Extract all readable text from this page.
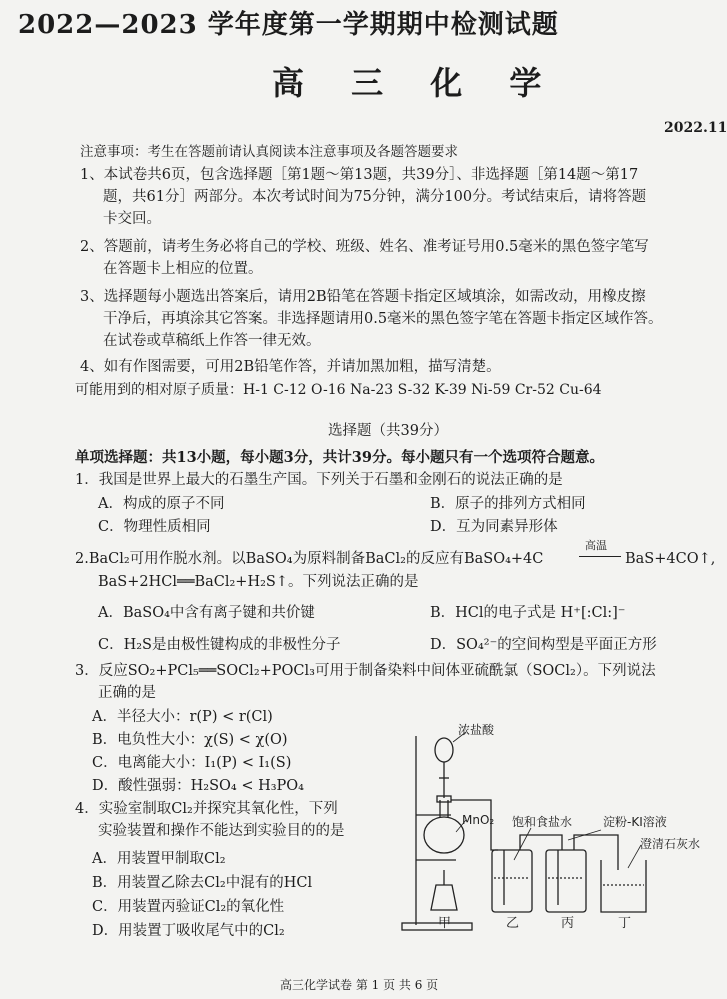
2022—2023 学年度第一学期期中检测试题
高 三 化 学
2022.11
注意事项：考生在答题前请认真阅读本注意事项及各题答题要求
1、本试卷共6页，包含选择题［第1题～第13题，共39分］、非选择题［第14题～第17
题，共61分］两部分。本次考试时间为75分钟，满分100分。考试结束后，请将答题
卡交回。
2、答题前，请考生务必将自己的学校、班级、姓名、准考证号用0.5毫米的黑色签字笔写
在答题卡上相应的位置。
3、选择题每小题选出答案后，请用2B铅笔在答题卡指定区域填涂，如需改动，用橡皮擦
干净后，再填涂其它答案。非选择题请用0.5毫米的黑色签字笔在答题卡指定区域作答。
在试卷或草稿纸上作答一律无效。
4、如有作图需要，可用2B铅笔作答，并请加黑加粗，描写清楚。
可能用到的相对原子质量：H-1 C-12 O-16 Na-23 S-32 K-39 Ni-59 Cr-52 Cu-64
选择题（共39分）
单项选择题：共13小题，每小题3分，共计39分。每小题只有一个选项符合题意。
1．我国是世界上最大的石墨生产国。下列关于石墨和金刚石的说法正确的是
A．构成的原子不同	B．原子的排列方式相同
C．物理性质相同	D．互为同素异形体
2.BaCl₂可用作脱水剂。以BaSO₄为原料制备BaCl₂的反应有BaSO₄+4C
高温
BaS+4CO↑,
BaS+2HCl══BaCl₂+H₂S↑。下列说法正确的是
A．BaSO₄中含有离子键和共价键	B．HCl的电子式是 H⁺[:Cl:]⁻
C．H₂S是由极性键构成的非极性分子	D．SO₄²⁻的空间构型是平面正方形
3．反应SO₂+PCl₅══SOCl₂+POCl₃可用于制备染料中间体亚硫酰氯（SOCl₂）。下列说法
正确的是
A．半径大小：r(P) < r(Cl)
B．电负性大小：χ(S) < χ(O)
C．电离能大小：I₁(P) < I₁(S)
D．酸性强弱：H₂SO₄ < H₃PO₄
4．实验室制取Cl₂并探究其氧化性，下列
实验装置和操作不能达到实验目的的是
A．用装置甲制取Cl₂
B．用装置乙除去Cl₂中混有的HCl
C．用装置丙验证Cl₂的氧化性
D．用装置丁吸收尾气中的Cl₂
浓盐酸
MnO₂ 饱和食盐水	淀粉-KI溶液
澄清石灰水
甲	乙	丙	丁
高三化学试卷 第 1 页 共 6 页
